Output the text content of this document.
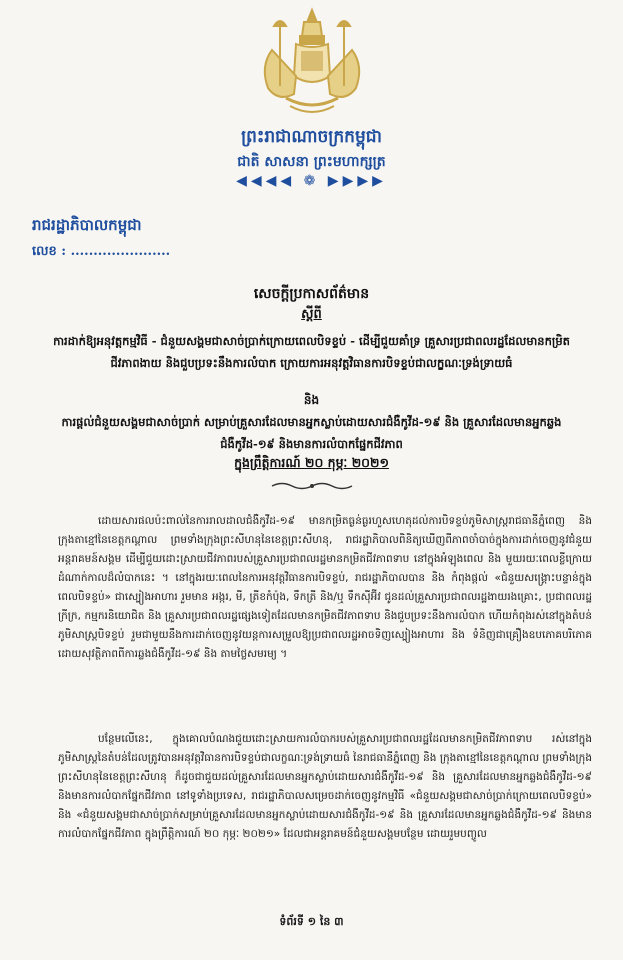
ព្រះរាជាណាចក្រកម្ពុជា
ជាតិ សាសនា ព្រះមហាក្សត្រ
◀◀◀◀ ❁ ▶▶▶▶
រាជរដ្ឋាភិបាលកម្ពុជា
លេខ : ......................
សេចក្តីប្រកាសព័ត៌មាន
ស្តីពី
ការដាក់ឱ្យអនុវត្តកម្មវិធី - ជំនួយសង្គមជាសាច់ប្រាក់ក្រោយពេលបិទខ្ទប់ - ដើម្បីជួយគាំទ្រ គ្រួសារប្រជាពលរដ្ឋដែលមានកម្រិតជីវភាពងាយ និងជួបប្រទះនឹងការលំបាក ក្រោយការអនុវត្តវិធានការបិទខ្ទប់ជាលក្ខណៈទ្រង់ទ្រាយធំ
និង
ការផ្តល់ជំនួយសង្គមជាសាច់ប្រាក់ សម្រាប់គ្រួសារដែលមានអ្នកស្លាប់ដោយសារជំងឺកូវីដ-១៩ និង គ្រួសារដែលមានអ្នកឆ្លងជំងឺកូវីដ-១៩ និងមានការលំបាកផ្នែកជីវភាព
ក្នុងព្រឹត្តិការណ៍ ២០ កុម្ភៈ ២០២១
ដោយសារផលប៉ះពាល់នៃការរាលដាលជំងឺកូវីដ-១៩ មានកម្រិតធ្ងន់ធ្ងរហួសហេតុដល់ការបិទខ្ទប់ភូមិសាស្ត្ររាជធានីភ្នំពេញ និង ក្រុងតាខ្មៅនៃខេត្តកណ្តាល ព្រមទាំងក្រុងព្រះសីហនុនៃខេត្តព្រះសីហនុ, រាជរដ្ឋាភិបាលពិនិត្យឃើញពីភាពចាំបាច់ក្នុងការដាក់ចេញនូវជំនួយអន្តរាគមន៍សង្គម ដើម្បីជួយដោះស្រាយជីវភាពរបស់គ្រួសារប្រជាពលរដ្ឋមានកម្រិតជីវភាពទាប នៅក្នុងអំឡុងពេល និង មួយរយៈពេលខ្លីក្រោយដំណាក់កាលដ៏លំបាកនេះ ។ នៅក្នុងរយៈពេលនៃការអនុវត្តវិធានការបិទខ្ទប់, រាជរដ្ឋាភិបាលបាន និង កំពុងផ្តល់ «ជំនួយសង្គ្រោះបន្ទាន់ក្នុងពេលបិទខ្ទប់» ជាស្បៀងអាហារ រួមមាន អង្ករ, មី, ត្រីខកំប៉ុង, ទឹកត្រី និង/ឬ ទឹកស៊ីអ៊ីវ ជូនដល់គ្រួសារប្រជាពលរដ្ឋងាយរងគ្រោះ, ប្រជាពលរដ្ឋក្រីក្រ, កម្មករនិយោជិត និង គ្រួសារប្រជាពលរដ្ឋផ្សេងទៀតដែលមានកម្រិតជីវភាពទាប និងជួបប្រទះនឹងការលំបាក ហើយកំពុងរស់នៅក្នុងតំបន់ភូមិសាស្ត្របិទខ្ទប់ រួមជាមួយនឹងការដាក់ចេញនូវយន្តការសម្រួលឱ្យប្រជាពលរដ្ឋអាចទិញស្បៀងអាហារ និង ទំនិញជាគ្រឿងឧបភោគបរិភោគ ដោយសុវត្ថិភាពពីការឆ្លងជំងឺកូវីដ-១៩ និង តាមថ្លៃសមរម្យ ។
បន្ថែមលើនេះ, ក្នុងគោលបំណងជួយដោះស្រាយការលំបាករបស់គ្រួសារប្រជាពលរដ្ឋដែលមានកម្រិតជីវភាពទាប រស់នៅក្នុងភូមិសាស្ត្រនៃតំបន់ដែលត្រូវបានអនុវត្តវិធានការបិទខ្ទប់ជាលក្ខណៈទ្រង់ទ្រាយធំ នៃរាជធានីភ្នំពេញ និង ក្រុងតាខ្មៅនៃខេត្តកណ្តាល ព្រមទាំងក្រុងព្រះសីហនុនៃខេត្តព្រះសីហនុ ក៏ដូចជាជួយដល់គ្រួសារដែលមានអ្នកស្លាប់ដោយសារជំងឺកូវីដ-១៩ និង គ្រួសារដែលមានអ្នកឆ្លងជំងឺកូវីដ-១៩ និងមានការលំបាកផ្នែកជីវភាព នៅទូទាំងប្រទេស, រាជរដ្ឋាភិបាលសម្រេចដាក់ចេញនូវកម្មវិធី «ជំនួយសង្គមជាសាច់ប្រាក់ក្រោយពេលបិទខ្ទប់» និង «ជំនួយសង្គមជាសាច់ប្រាក់សម្រាប់គ្រួសារដែលមានអ្នកស្លាប់ដោយសារជំងឺកូវីដ-១៩ និង គ្រួសារដែលមានអ្នកឆ្លងជំងឺកូវីដ-១៩ និងមានការលំបាកផ្នែកជីវភាព ក្នុងព្រឹត្តិការណ៍ ២០ កុម្ភៈ ២០២១» ដែលជាអន្តរាគមន៍ជំនួយសង្គមបន្ថែម ដោយរួមបញ្ចូល
ទំព័រទី ១ នៃ ៣
